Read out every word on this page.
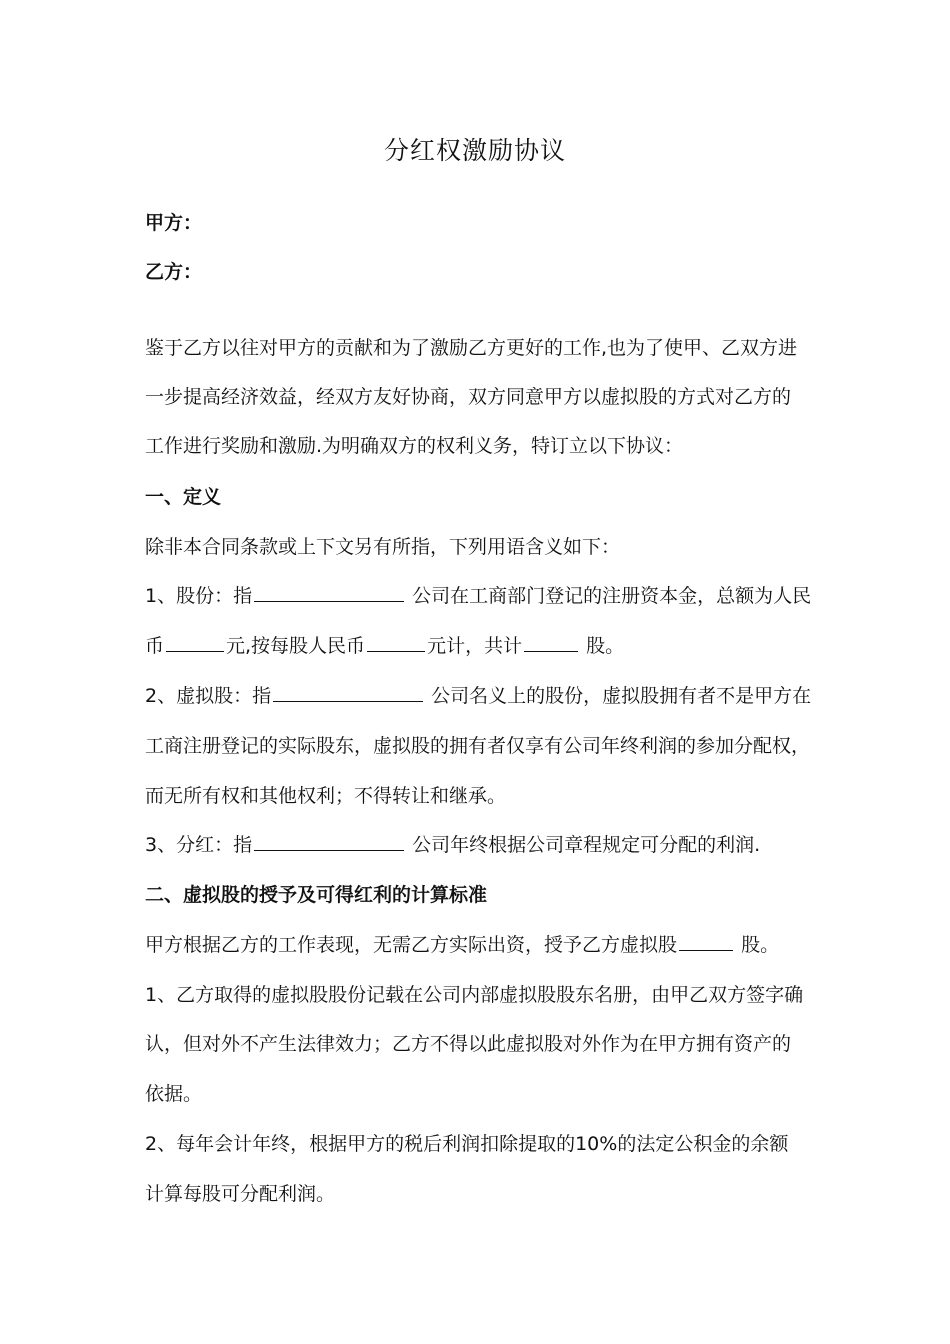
分红权激励协议
甲方：
乙方：
鉴于乙方以往对甲方的贡献和为了激励乙方更好的工作,也为了使甲、乙双方进
一步提高经济效益，经双方友好协商，双方同意甲方以虚拟股的方式对乙方的
工作进行奖励和激励.为明确双方的权利义务，特订立以下协议：
一、定义
除非本合同条款或上下文另有所指，下列用语含义如下：
1、股份：指	公司在工商部门登记的注册资本金，总额为人民
币	元,按每股人民币	元计，共计	股。
2、虚拟股：指	公司名义上的股份，虚拟股拥有者不是甲方在
工商注册登记的实际股东，虚拟股的拥有者仅享有公司年终利润的参加分配权，
而无所有权和其他权利；不得转让和继承。
3、分红：指	公司年终根据公司章程规定可分配的利润.
二、虚拟股的授予及可得红利的计算标准
甲方根据乙方的工作表现，无需乙方实际出资，授予乙方虚拟股	股。
1、乙方取得的虚拟股股份记载在公司内部虚拟股股东名册，由甲乙双方签字确
认，但对外不产生法律效力；乙方不得以此虚拟股对外作为在甲方拥有资产的
依据。
2、每年会计年终，根据甲方的税后利润扣除提取的10%的法定公积金的余额
计算每股可分配利润。
